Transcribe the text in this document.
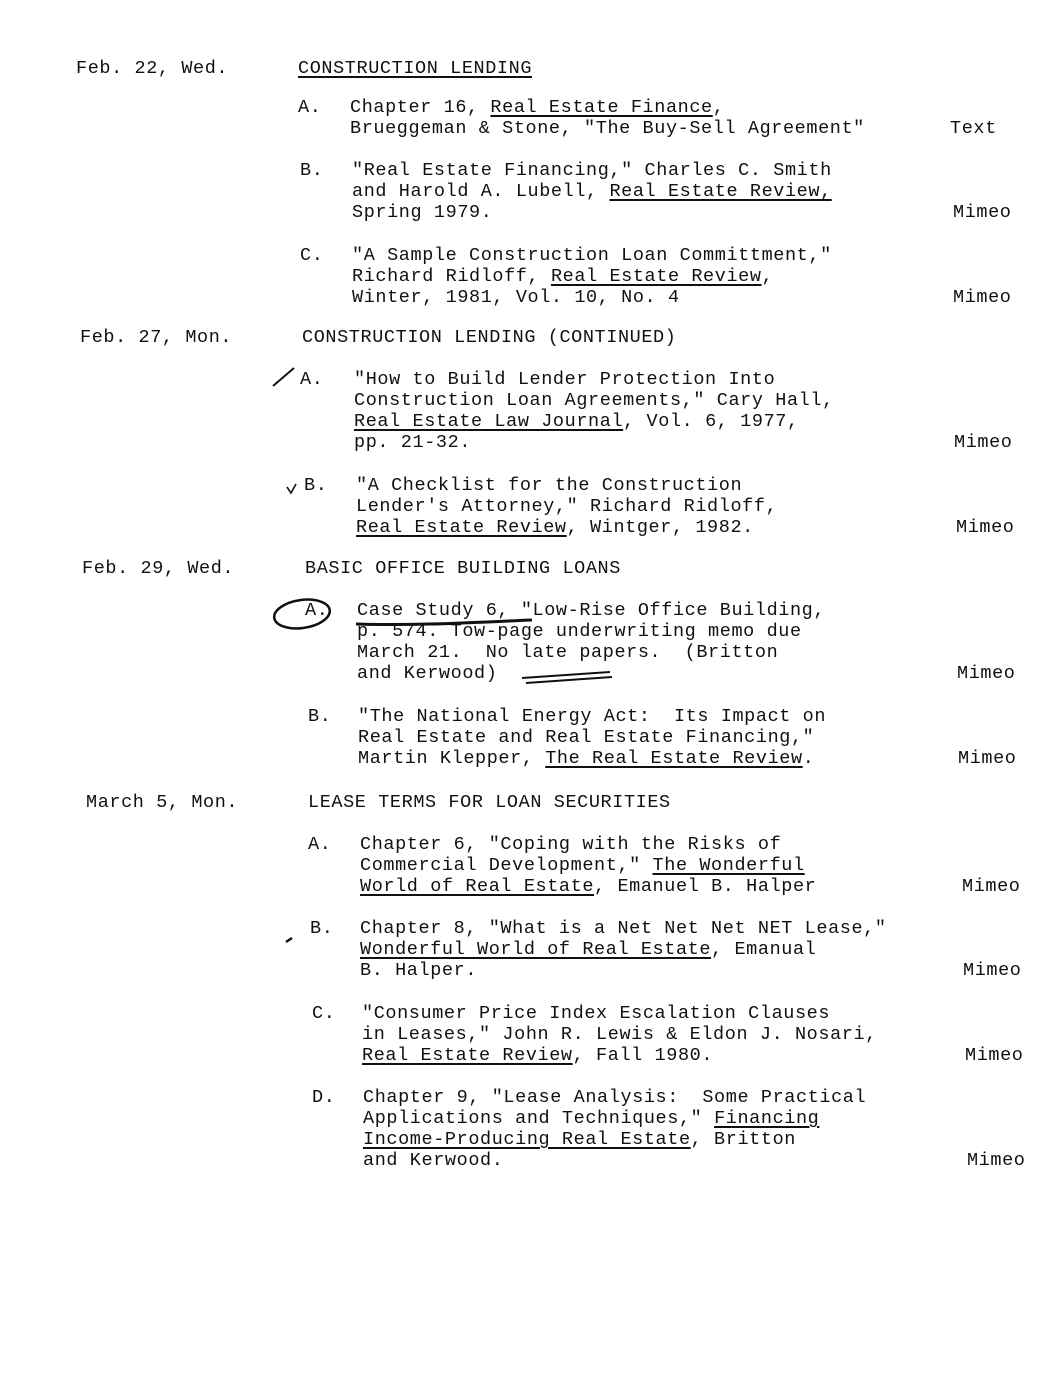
Feb. 22, Wed.	CONSTRUCTION LENDING
A. Chapter 16, Real Estate Finance,
Brueggeman & Stone, "The Buy-Sell Agreement"	Text
B. "Real Estate Financing," Charles C. Smith
and Harold A. Lubell, Real Estate Review,
Spring 1979.	Mimeo
C. "A Sample Construction Loan Committment,"
Richard Ridloff, Real Estate Review,
Winter, 1981, Vol. 10, No. 4	Mimeo
Feb. 27, Mon.	CONSTRUCTION LENDING (CONTINUED)
A. "How to Build Lender Protection Into
Construction Loan Agreements," Cary Hall,
Real Estate Law Journal, Vol. 6, 1977,
pp. 21-32.	Mimeo
B. "A Checklist for the Construction
Lender's Attorney," Richard Ridloff,
Real Estate Review, Wintger, 1982.	Mimeo
Feb. 29, Wed.	BASIC OFFICE BUILDING LOANS
A. Case Study 6, "Low-Rise Office Building,
p. 574. Tow-page underwriting memo due
March 21.  No late papers.  (Britton
and Kerwood)	Mimeo
B. "The National Energy Act:  Its Impact on
Real Estate and Real Estate Financing,"
Martin Klepper, The Real Estate Review.	Mimeo
March 5, Mon.	LEASE TERMS FOR LOAN SECURITIES
A. Chapter 6, "Coping with the Risks of
Commercial Development," The Wonderful
World of Real Estate, Emanuel B. Halper	Mimeo
B. Chapter 8, "What is a Net Net Net NET Lease,"
Wonderful World of Real Estate, Emanual
B. Halper.	Mimeo
C. "Consumer Price Index Escalation Clauses
in Leases," John R. Lewis & Eldon J. Nosari,
Real Estate Review, Fall 1980.	Mimeo
D. Chapter 9, "Lease Analysis:  Some Practical
Applications and Techniques," Financing
Income-Producing Real Estate, Britton
and Kerwood.	Mimeo
